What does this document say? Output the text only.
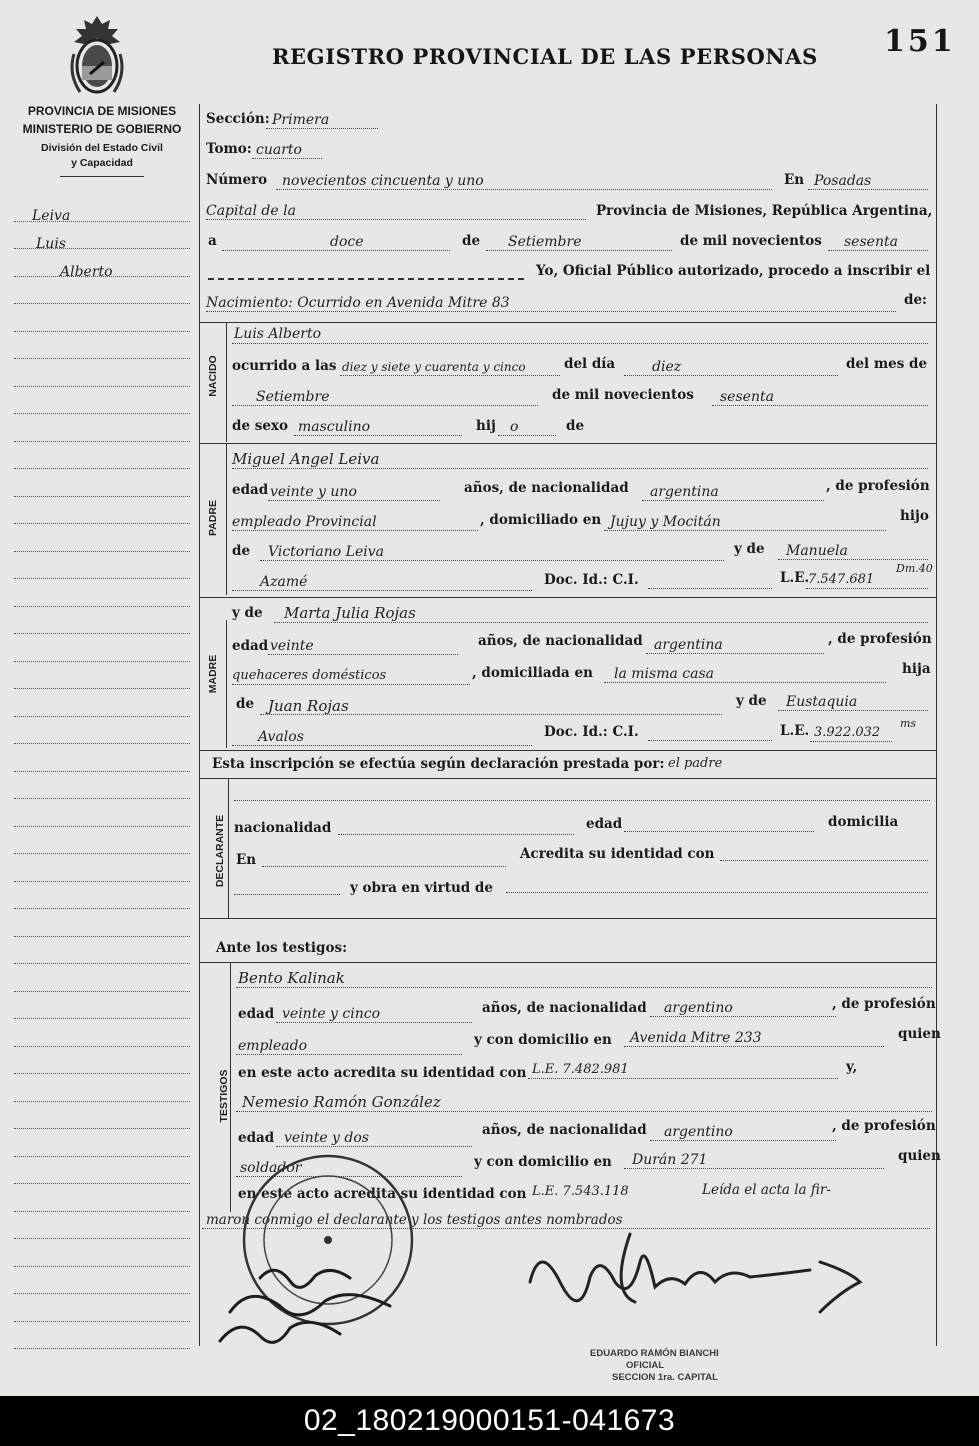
REGISTRO PROVINCIAL DE LAS PERSONAS 151
PROVINCIA DE MISIONES
MINISTERIO DE GOBIERNO
División del Estado Civil
y Capacidad
Leiva
Luis
Alberto
Sección: Primera
Tomo: cuarto
Número novecientos cincuenta y uno	En Posadas
Capital de la	Provincia de Misiones, República Argentina,
a	doce	de Setiembre	de mil novecientos sesenta
Yo, Oficial Público autorizado, procedo a inscribir el
Nacimiento: Ocurrido en Avenida Mitre 83	de:
NACIDO
Luis Alberto
ocurrido a las diez y siete y cuarenta y cinco	del día	diez	del mes de
Setiembre	de mil novecientos sesenta
de sexo masculino	hij o	de
PADRE
Miguel Angel Leiva
edad veinte y uno	años, de nacionalidad argentina	, de profesión
empleado Provincial	, domiciliado en Jujuy y Mocitán	hijo
de Victoriano Leiva	y de Manuela
Azamé	Doc. Id.: C.I.	L.E.
7.547.681
Dm.40
MADRE
y de Marta Julia Rojas
edad veinte	años, de nacionalidad argentina	, de profesión
quehaceres domésticos	, domiciliada en la misma casa	hija
de Juan Rojas	y de Eustaquia
Avalos	Doc. Id.: C.I.	L.E. 3.922.032
ms
Esta inscripción se efectúa según declaración prestada por: el padre
DECLARANTE nacionalidad	edad	domicilia
En	Acredita su identidad con
y obra en virtud de
Ante los testigos:
TESTIGOS
Bento Kalinak
edad veinte y cinco	años, de nacionalidad argentino	, de profesión
empleado	y con domicilio en Avenida Mitre 233	quien
en este acto acredita su identidad con L.E. 7.482.981	y,
Nemesio Ramón González
edad veinte y dos	años, de nacionalidad argentino	, de profesión
soldador	y con domicilio en Durán 271	quien
en este acto acredita su identidad con L.E. 7.543.118	Leída el acta la fir-
maron conmigo el declarante y los testigos antes nombrados
EDUARDO RAMÓN BIANCHI
OFICIAL
SECCION 1ra. CAPITAL
02_180219000151-041673
